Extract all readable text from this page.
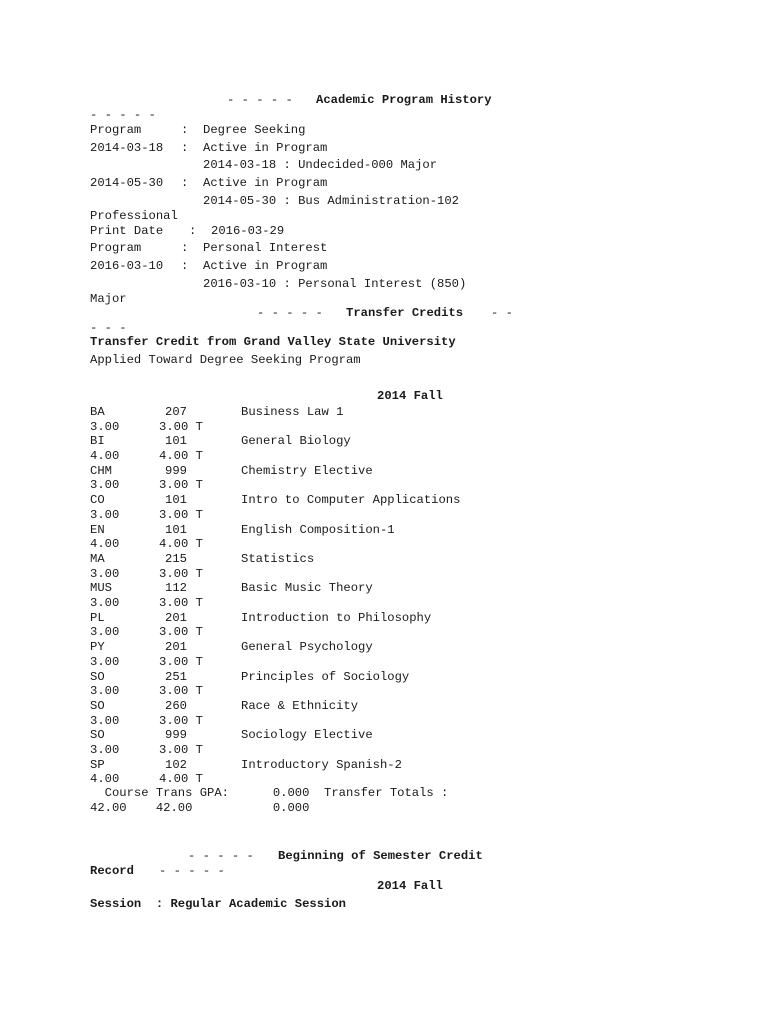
- - - - - Academic Program History
- - - - -
Program	: Degree Seeking
2014-03-18 : Active in Program
2014-03-18 : Undecided-000 Major
2014-05-30 : Active in Program
2014-05-30 : Bus Administration-102
Professional
Print Date : 2016-03-29
Program	: Personal Interest
2016-03-10 : Active in Program
2016-03-10 : Personal Interest (850)
Major
- - - - - Transfer Credits - -
- - -
Transfer Credit from Grand Valley State University
Applied Toward Degree Seeking Program
2014 Fall
BA	207	Business Law 1
3.00	3.00 T
BI	101	General Biology
4.00	4.00 T
CHM	999	Chemistry Elective
3.00	3.00 T
CO	101	Intro to Computer Applications
3.00	3.00 T
EN	101	English Composition-1
4.00	4.00 T
MA	215	Statistics
3.00	3.00 T
MUS	112	Basic Music Theory
3.00	3.00 T
PL	201	Introduction to Philosophy
3.00	3.00 T
PY	201	General Psychology
3.00	3.00 T
SO	251	Principles of Sociology
3.00	3.00 T
SO	260	Race & Ethnicity
3.00	3.00 T
SO	999	Sociology Elective
3.00	3.00 T
SP	102	Introductory Spanish-2
4.00	4.00 T
Course Trans GPA:      0.000  Transfer Totals :
42.00    42.00           0.000
- - - - - Beginning of Semester Credit
Record - - - - -
2014 Fall
Session  : Regular Academic Session
